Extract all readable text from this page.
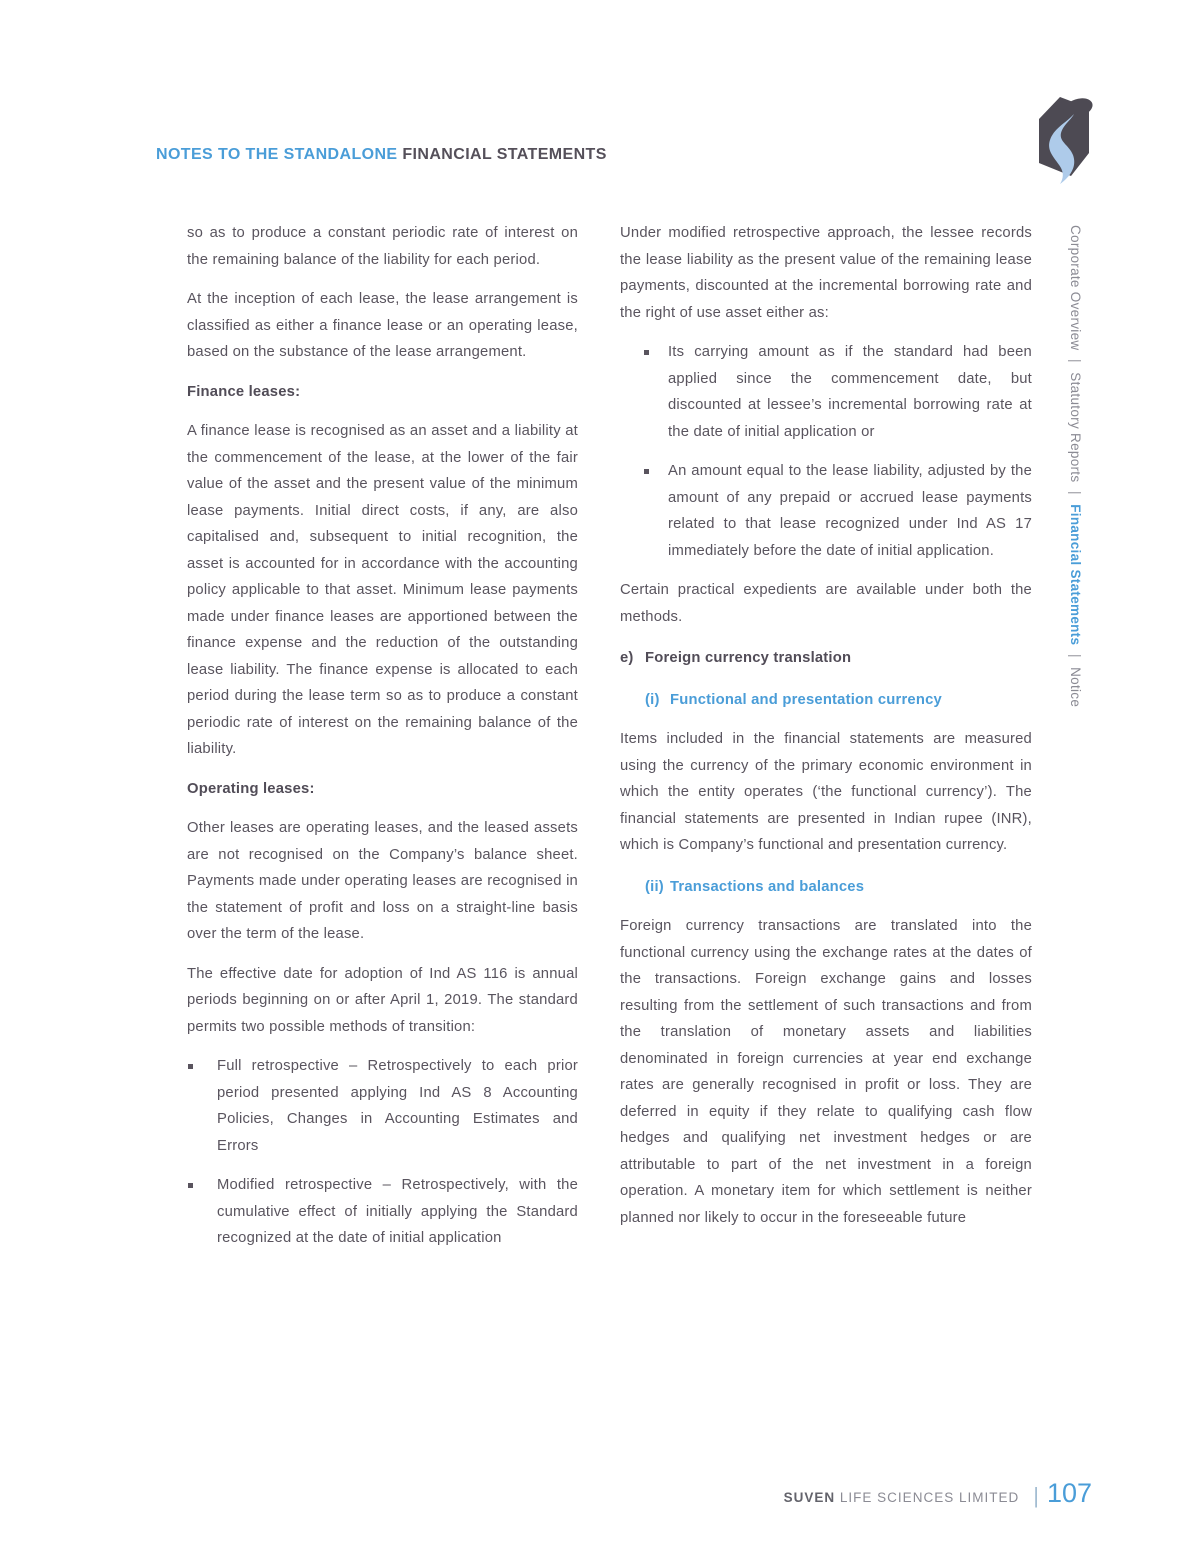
NOTES TO THE STANDALONE FINANCIAL STATEMENTS

so as to produce a constant periodic rate of interest on the remaining balance of the liability for each period.

At the inception of each lease, the lease arrangement is classified as either a finance lease or an operating lease, based on the substance of the lease arrangement.

Finance leases:

A finance lease is recognised as an asset and a liability at the commencement of the lease, at the lower of the fair value of the asset and the present value of the minimum lease payments. Initial direct costs, if any, are also capitalised and, subsequent to initial recognition, the asset is accounted for in accordance with the accounting policy applicable to that asset. Minimum lease payments made under finance leases are apportioned between the finance expense and the reduction of the outstanding lease liability. The finance expense is allocated to each period during the lease term so as to produce a constant periodic rate of interest on the remaining balance of the liability.

Operating leases:

Other leases are operating leases, and the leased assets are not recognised on the Company’s balance sheet. Payments made under operating leases are recognised in the statement of profit and loss on a straight-line basis over the term of the lease.

The effective date for adoption of Ind AS 116 is annual periods beginning on or after April 1, 2019. The standard permits two possible methods of transition:

Full retrospective – Retrospectively to each prior period presented applying Ind AS 8 Accounting Policies, Changes in Accounting Estimates and Errors
Modified retrospective – Retrospectively, with the cumulative effect of initially applying the Standard recognized at the date of initial application

Under modified retrospective approach, the lessee records the lease liability as the present value of the remaining lease payments, discounted at the incremental borrowing rate and the right of use asset either as:

Its carrying amount as if the standard had been applied since the commencement date, but discounted at lessee’s incremental borrowing rate at the date of initial application or
An amount equal to the lease liability, adjusted by the amount of any prepaid or accrued lease payments related to that lease recognized under Ind AS 17 immediately before the date of initial application.

Certain practical expedients are available under both the methods.

e) Foreign currency translation
(i) Functional and presentation currency

Items included in the financial statements are measured using the currency of the primary economic environment in which the entity operates (‘the functional currency’). The financial statements are presented in Indian rupee (INR), which is Company’s functional and presentation currency.

(ii) Transactions and balances

Foreign currency transactions are translated into the functional currency using the exchange rates at the dates of the transactions. Foreign exchange gains and losses resulting from the settlement of such transactions and from the translation of monetary assets and liabilities denominated in foreign currencies at year end exchange rates are generally recognised in profit or loss. They are deferred in equity if they relate to qualifying cash flow hedges and qualifying net investment hedges or are attributable to part of the net investment in a foreign operation. A monetary item for which settlement is neither planned nor likely to occur in the foreseeable future

Corporate Overview|Statutory Reports|Financial Statements|Notice
SUVEN LIFE SCIENCES LIMITED | 107
